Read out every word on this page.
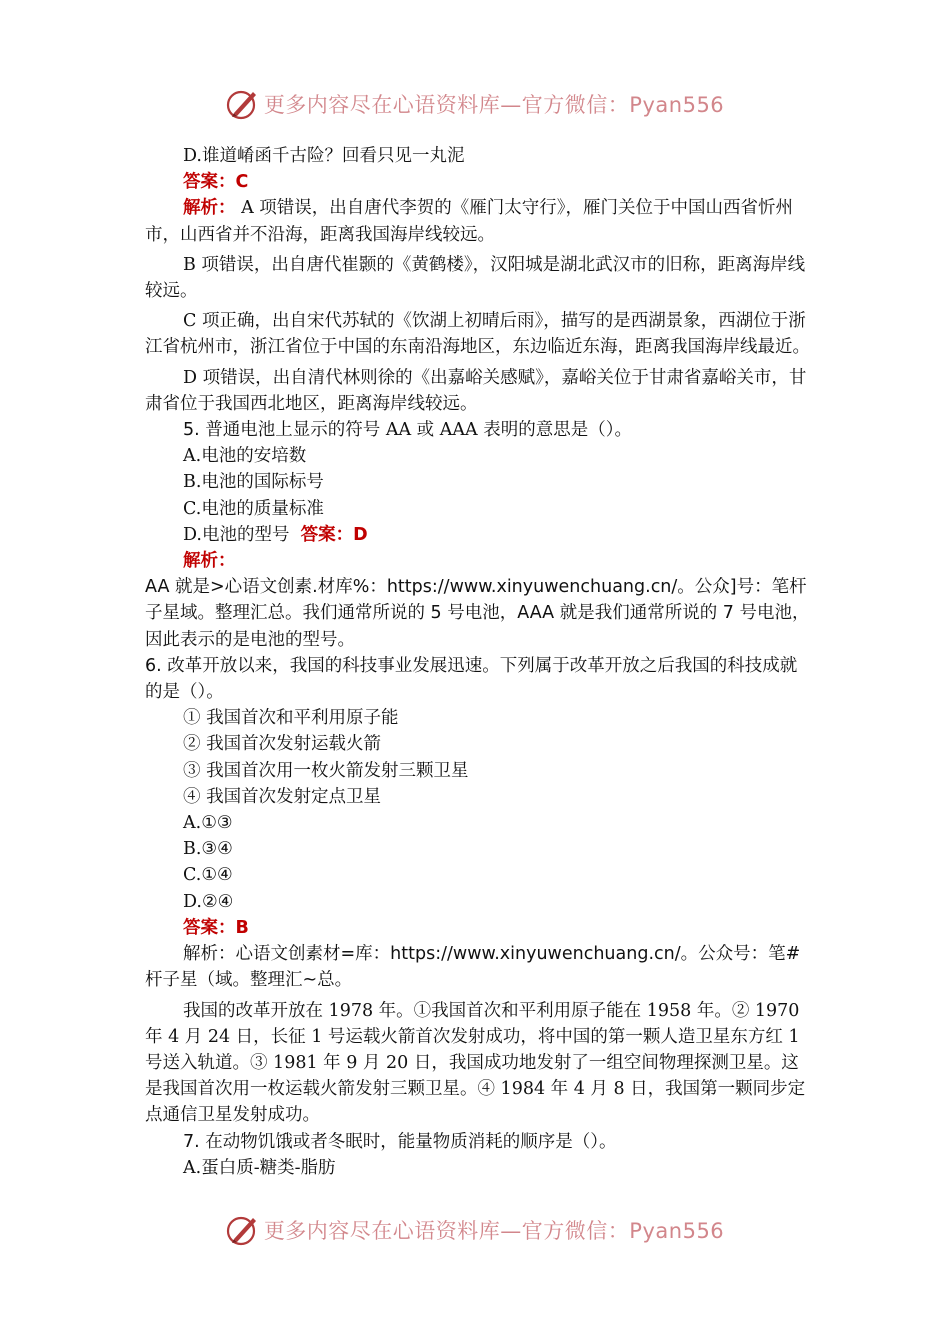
更多内容尽在心语资料库—官方微信：Pyan556

D.谁道崤函千古险？回看只见一丸泥

答案：C

解析： A 项错误，出自唐代李贺的《雁门太守行》，雁门关位于中国山西省忻州市，山西省并不沿海，距离我国海岸线较远。

B 项错误，出自唐代崔颢的《黄鹤楼》，汉阳城是湖北武汉市的旧称，距离海岸线较远。

C 项正确，出自宋代苏轼的《饮湖上初晴后雨》，描写的是西湖景象，西湖位于浙江省杭州市，浙江省位于中国的东南沿海地区，东边临近东海，距离我国海岸线最近。

D 项错误，出自清代林则徐的《出嘉峪关感赋》，嘉峪关位于甘肃省嘉峪关市，甘肃省位于我国西北地区，距离海岸线较远。

5. 普通电池上显示的符号 AA 或 AAA 表明的意思是（）。

A.电池的安培数

B.电池的国际标号

C.电池的质量标准

D.电池的型号 答案：D

解析：

AA 就是>心语文创素.材库%：https://www.xinyuwenchuang.cn/。公众]号：笔杆子星域。整理汇总。我们通常所说的 5 号电池，AAA 就是我们通常所说的 7 号电池，因此表示的是电池的型号。

6. 改革开放以来，我国的科技事业发展迅速。下列属于改革开放之后我国的科技成就的是（）。

① 我国首次和平利用原子能

② 我国首次发射运载火箭

③ 我国首次用一枚火箭发射三颗卫星

④ 我国首次发射定点卫星

A.①③

B.③④

C.①④

D.②④

答案：B

解析：心语文创素材=库：https://www.xinyuwenchuang.cn/。公众号：笔#杆子星（域。整理汇~总。

我国的改革开放在 1978 年。①我国首次和平利用原子能在 1958 年。② 1970 年 4 月 24 日，长征 1 号运载火箭首次发射成功，将中国的第一颗人造卫星东方红 1 号送入轨道。③ 1981 年 9 月 20 日，我国成功地发射了一组空间物理探测卫星。这是我国首次用一枚运载火箭发射三颗卫星。④ 1984 年 4 月 8 日，我国第一颗同步定点通信卫星发射成功。

7. 在动物饥饿或者冬眠时，能量物质消耗的顺序是（）。

A.蛋白质-糖类-脂肪

更多内容尽在心语资料库—官方微信：Pyan556
